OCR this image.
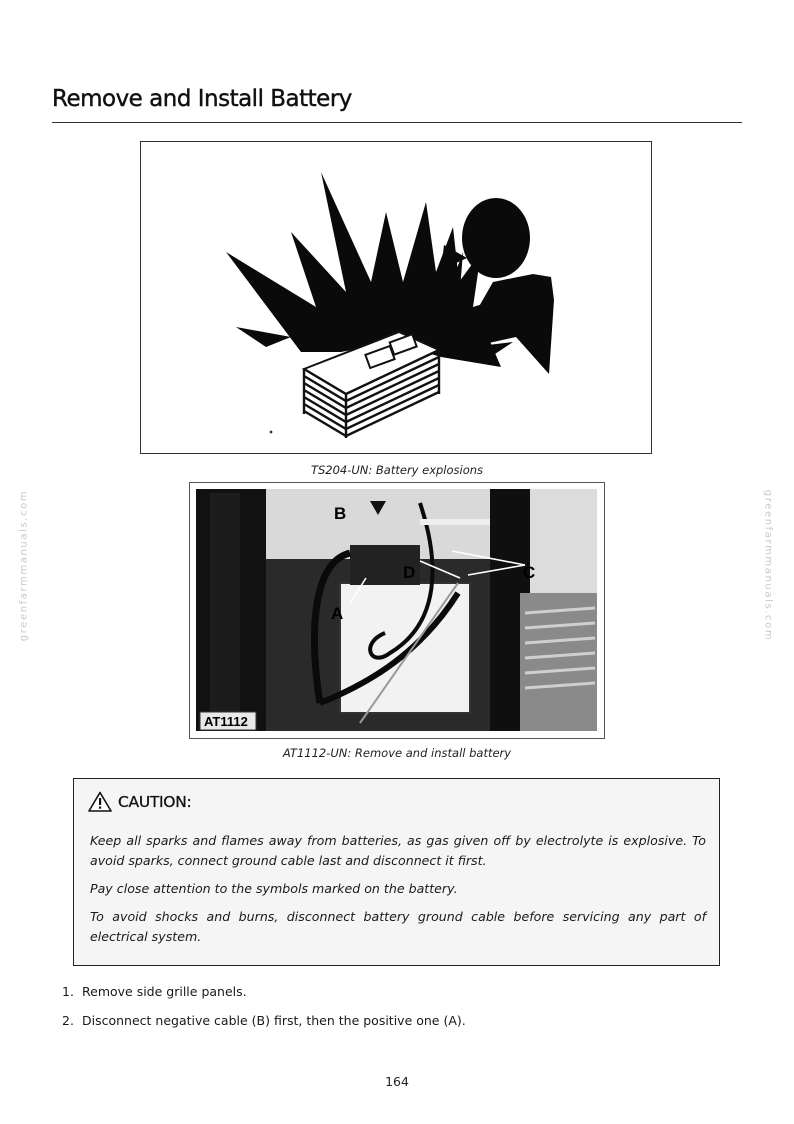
Remove and Install Battery
TS204-UN: Battery explosions
B
D	C
A
AT1112
AT1112-UN: Remove and install battery
CAUTION:

Keep all sparks and flames away from batteries, as gas given off by electrolyte is explosive. To avoid sparks, connect ground cable last and disconnect it first.

Pay close attention to the symbols marked on the battery.

To avoid shocks and burns, disconnect battery ground cable before servicing any part of electrical system.

1. Remove side grille panels.
2. Disconnect negative cable (B) first, then the positive one (A).
164
greenfarmmanuals.com	greenfarmmanuals.com
